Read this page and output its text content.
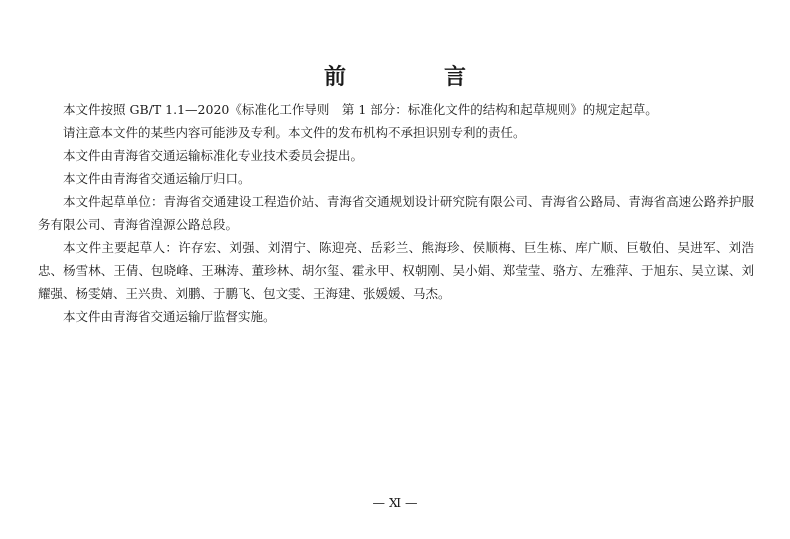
前　言

本文件按照 GB/T 1.1—2020《标准化工作导则　第 1 部分：标准化文件的结构和起草规则》的规定起草。

请注意本文件的某些内容可能涉及专利。本文件的发布机构不承担识别专利的责任。

本文件由青海省交通运输标准化专业技术委员会提出。

本文件由青海省交通运输厅归口。

本文件起草单位：青海省交通建设工程造价站、青海省交通规划设计研究院有限公司、青海省公路局、青海省高速公路养护服务有限公司、青海省湟源公路总段。

本文件主要起草人：许存宏、刘强、刘渭宁、陈迎亮、岳彩兰、熊海珍、侯顺梅、巨生栋、库广顺、巨敬伯、吴进军、刘浩忠、杨雪林、王倩、包晓峰、王琳涛、董珍林、胡尔玺、霍永甲、权朝刚、吴小娟、郑莹莹、骆方、左雅萍、于旭东、吴立谋、刘耀强、杨雯婧、王兴贵、刘鹏、于鹏飞、包文雯、王海建、张媛媛、马杰。

本文件由青海省交通运输厅监督实施。

— Ⅺ —
